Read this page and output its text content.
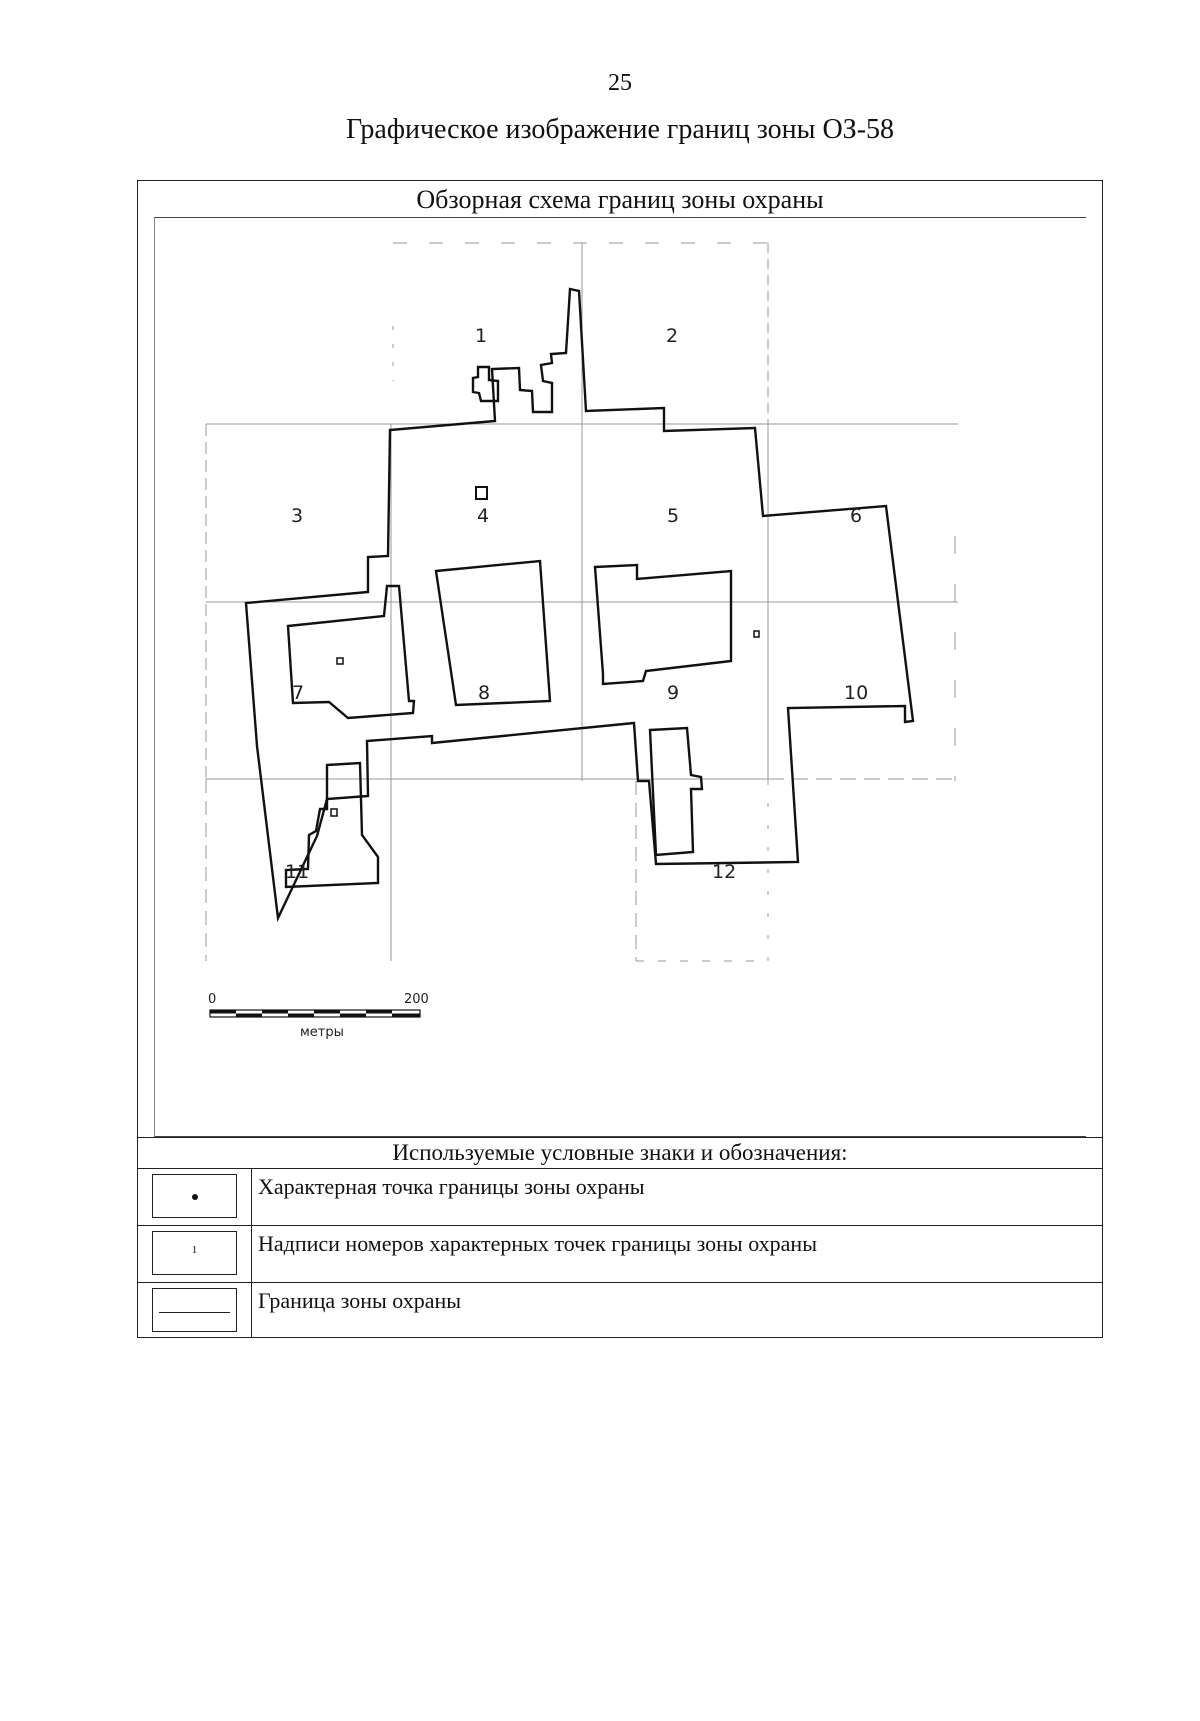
25
Графическое изображение границ зоны ОЗ-58
Обзорная схема границ зоны охраны
1	2
3	4	5	6
7	8	9	10
11	12
0	200
метры
Используемые условные знаки и обозначения:
Характерная точка границы зоны охраны
1	Надписи номеров характерных точек границы зоны охраны
Граница зоны охраны
